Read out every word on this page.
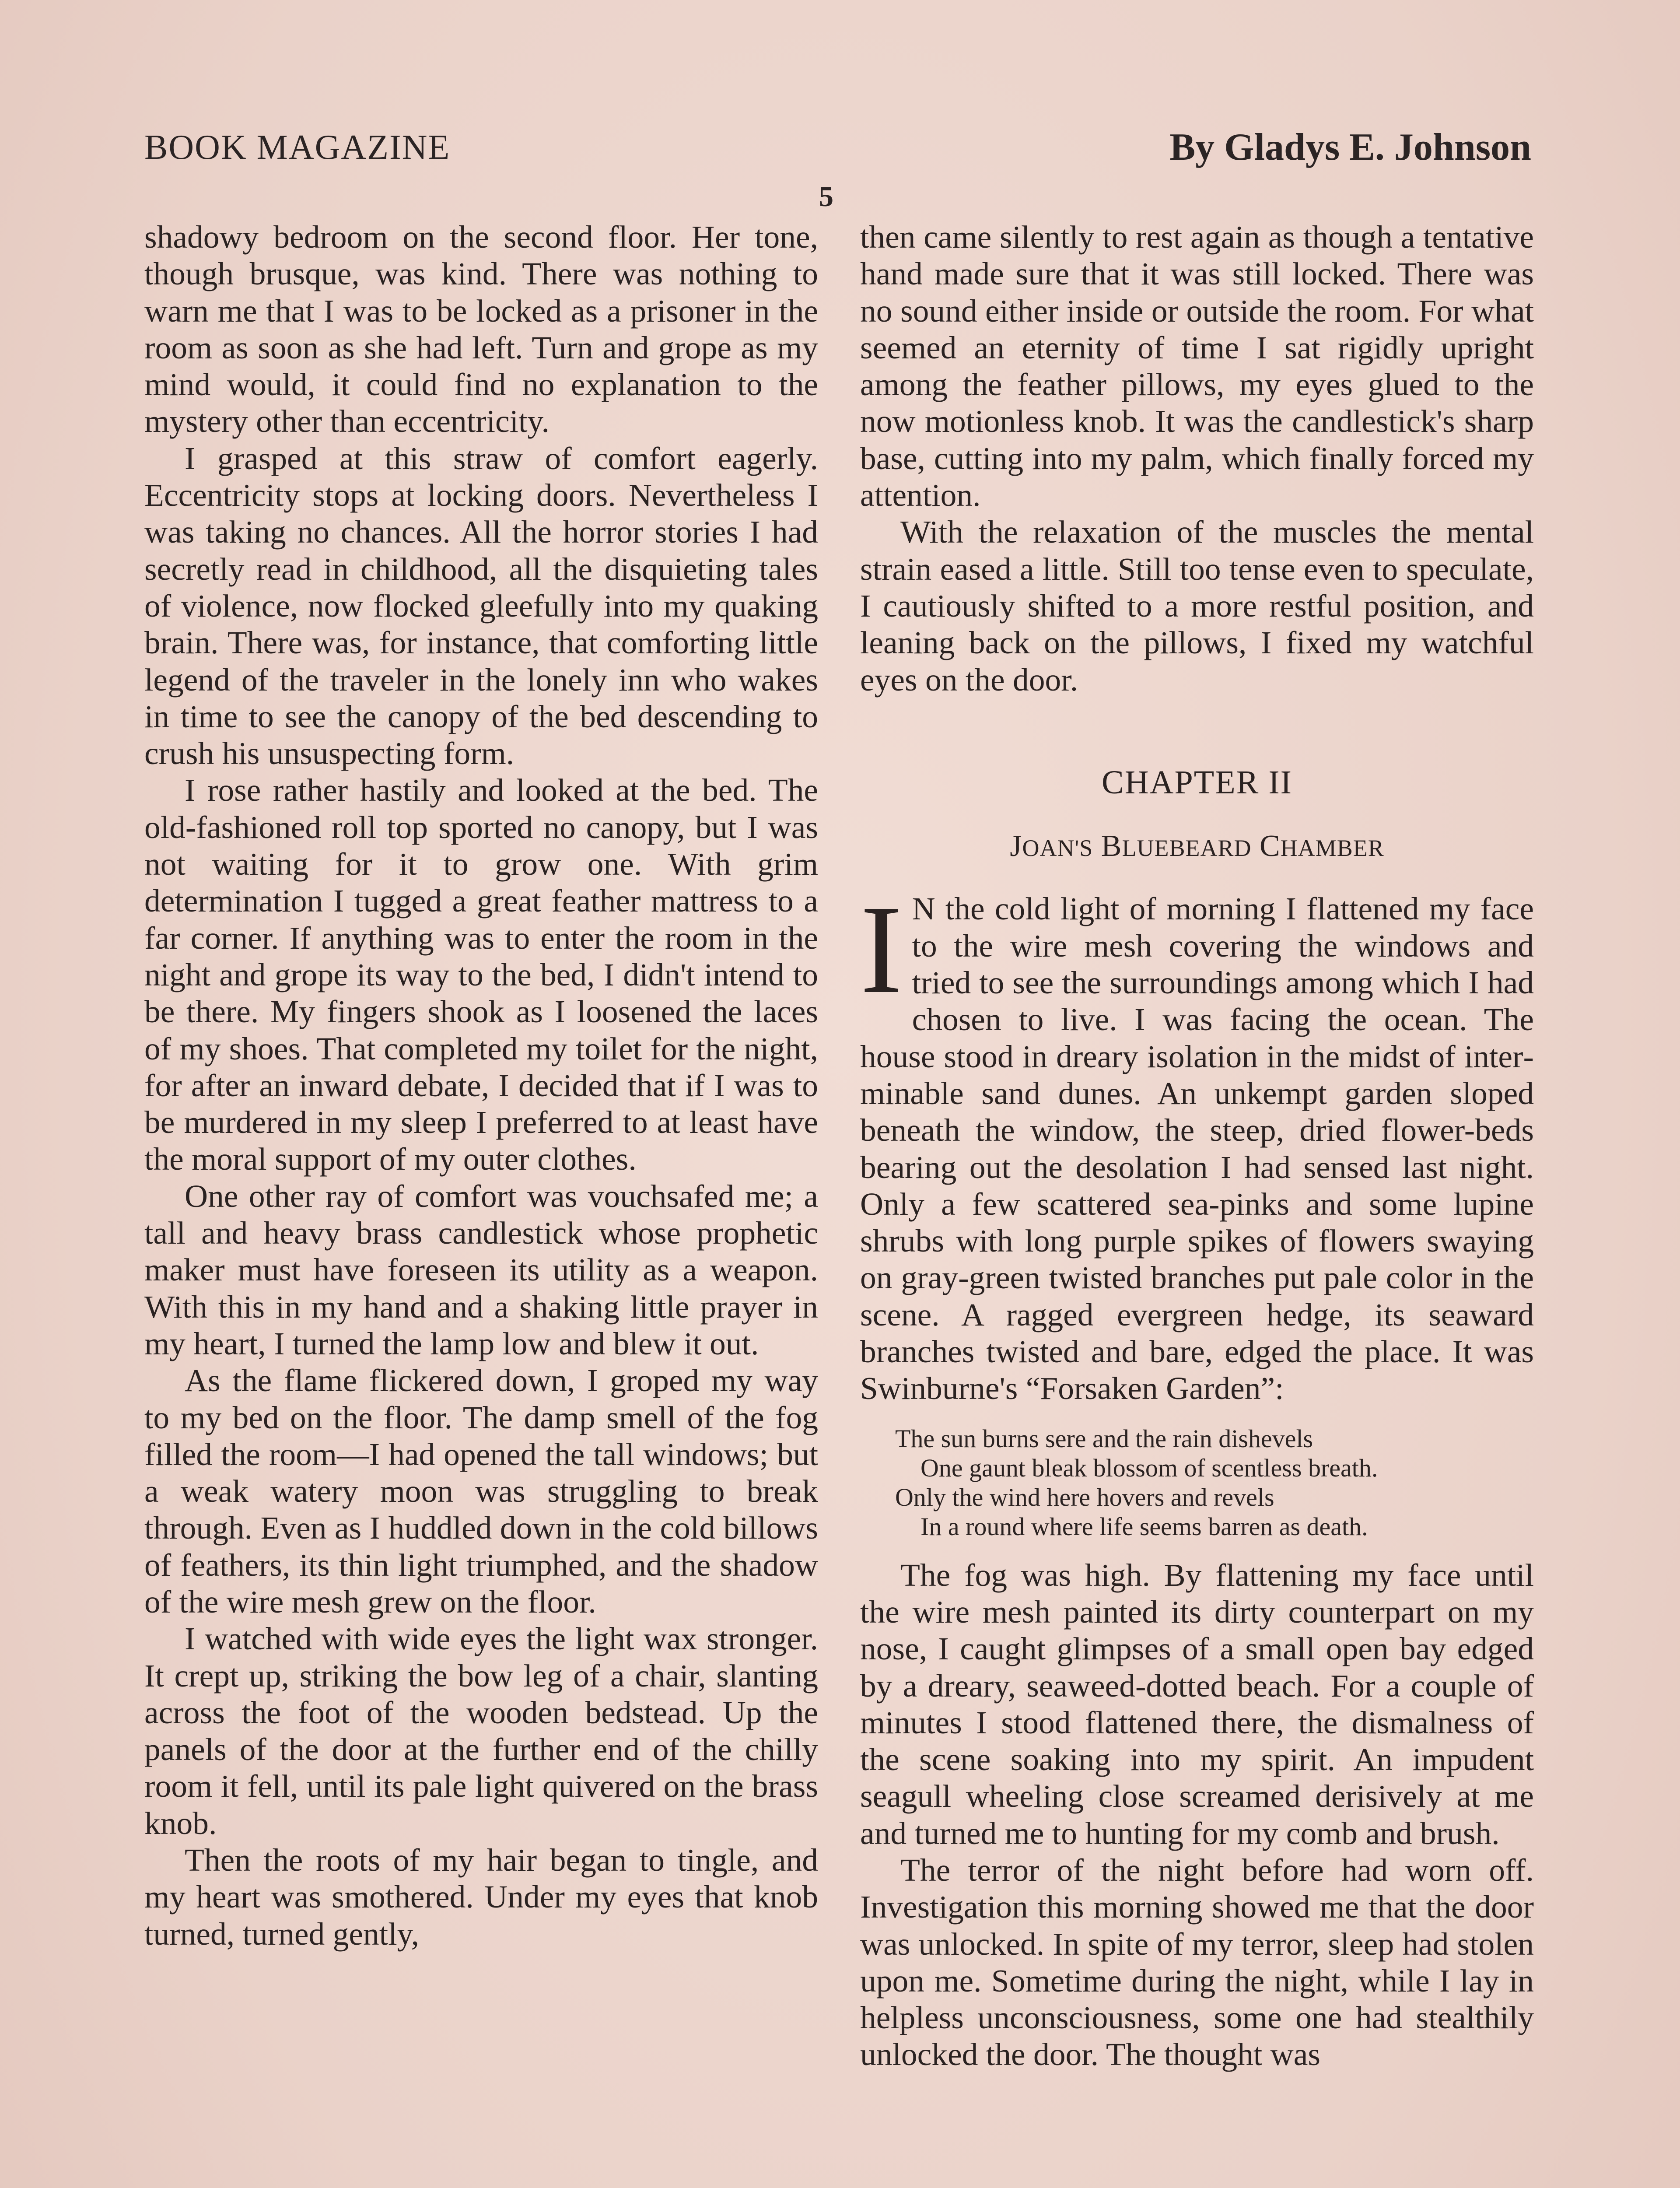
BOOK MAGAZINE	By Gladys E. Johnson
5

shadowy bedroom on the second floor. Her tone, though brusque, was kind. There was nothing to warn me that I was to be locked as a prisoner in the room as soon as she had left. Turn and grope as my mind would, it could find no explanation to the mystery other than eccentricity.

I grasped at this straw of comfort eagerly. Eccentricity stops at locking doors. Nevertheless I was taking no chances. All the horror stories I had secretly read in childhood, all the disquieting tales of violence, now flocked gleefully into my quaking brain. There was, for instance, that comforting little legend of the traveler in the lonely inn who wakes in time to see the canopy of the bed descending to crush his unsuspecting form.

I rose rather hastily and looked at the bed. The old-fashioned roll top sported no canopy, but I was not waiting for it to grow one. With grim determination I tugged a great feather mattress to a far corner. If anything was to enter the room in the night and grope its way to the bed, I didn't intend to be there. My fingers shook as I loosened the laces of my shoes. That completed my toilet for the night, for after an inward debate, I decided that if I was to be murdered in my sleep I preferred to at least have the moral support of my outer clothes.

One other ray of comfort was vouchsafed me; a tall and heavy brass candlestick whose prophetic maker must have foreseen its utility as a weapon. With this in my hand and a shaking little prayer in my heart, I turned the lamp low and blew it out.

As the flame flickered down, I groped my way to my bed on the floor. The damp smell of the fog filled the room—I had opened the tall windows; but a weak watery moon was struggling to break through. Even as I huddled down in the cold billows of feathers, its thin light triumphed, and the shadow of the wire mesh grew on the floor.

I watched with wide eyes the light wax stronger. It crept up, striking the bow leg of a chair, slanting across the foot of the wooden bedstead. Up the panels of the door at the further end of the chilly room it fell, until its pale light quivered on the brass knob.

Then the roots of my hair began to tingle, and my heart was smothered. Under my eyes that knob turned, turned gently,

then came silently to rest again as though a tentative hand made sure that it was still locked. There was no sound either inside or outside the room. For what seemed an eternity of time I sat rigidly upright among the feather pillows, my eyes glued to the now motionless knob. It was the candlestick's sharp base, cutting into my palm, which finally forced my attention.

With the relaxation of the muscles the mental strain eased a little. Still too tense even to speculate, I cautiously shifted to a more restful position, and leaning back on the pillows, I fixed my watchful eyes on the door.

CHAPTER II
JOAN'S BLUEBEARD CHAMBER

I N the cold light of morning I flattened my face to the wire mesh covering the windows and tried to see the surroundings among which I had chosen to live. I was facing the ocean. The house stood in dreary isolation in the midst of interminable sand dunes. An unkempt garden sloped beneath the window, the steep, dried flower-beds bearing out the desolation I had sensed last night. Only a few scattered sea-pinks and some lupine shrubs with long purple spikes of flowers swaying on gray-green twisted branches put pale color in the scene. A ragged evergreen hedge, its seaward branches twisted and bare, edged the place. It was Swinburne's “Forsaken Garden”:

The sun burns sere and the rain dishevels
One gaunt bleak blossom of scentless breath.
Only the wind here hovers and revels
In a round where life seems barren as death.

The fog was high. By flattening my face until the wire mesh painted its dirty counterpart on my nose, I caught glimpses of a small open bay edged by a dreary, seaweed-dotted beach. For a couple of minutes I stood flattened there, the dismalness of the scene soaking into my spirit. An impudent seagull wheeling close screamed derisively at me and turned me to hunting for my comb and brush.

The terror of the night before had worn off. Investigation this morning showed me that the door was unlocked. In spite of my terror, sleep had stolen upon me. Sometime during the night, while I lay in helpless unconsciousness, some one had stealthily unlocked the door. The thought was
